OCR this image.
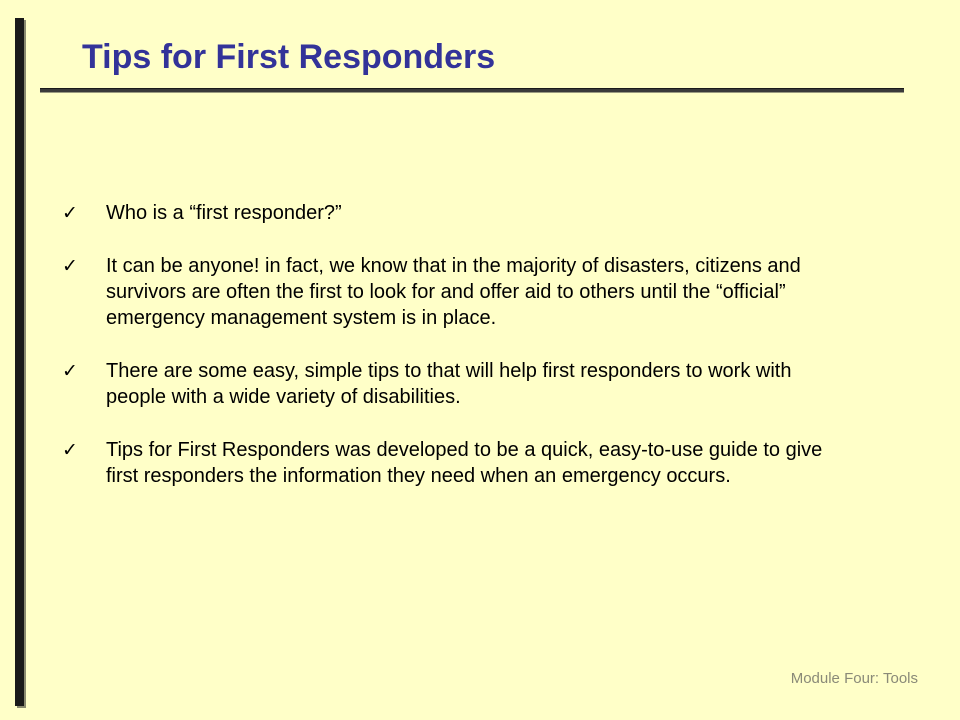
Tips for First Responders
✓ Who is a “first responder?”
✓ It can be anyone! in fact, we know that in the majority of disasters, citizens and survivors are often the first to look for and offer aid to others until the “official” emergency management system is in place.
✓ There are some easy, simple tips to that will help first responders to work with people with a wide variety of disabilities.
✓ Tips for First Responders was developed to be a quick, easy-to-use guide to give first responders the information they need when an emergency occurs.
Module Four: Tools
